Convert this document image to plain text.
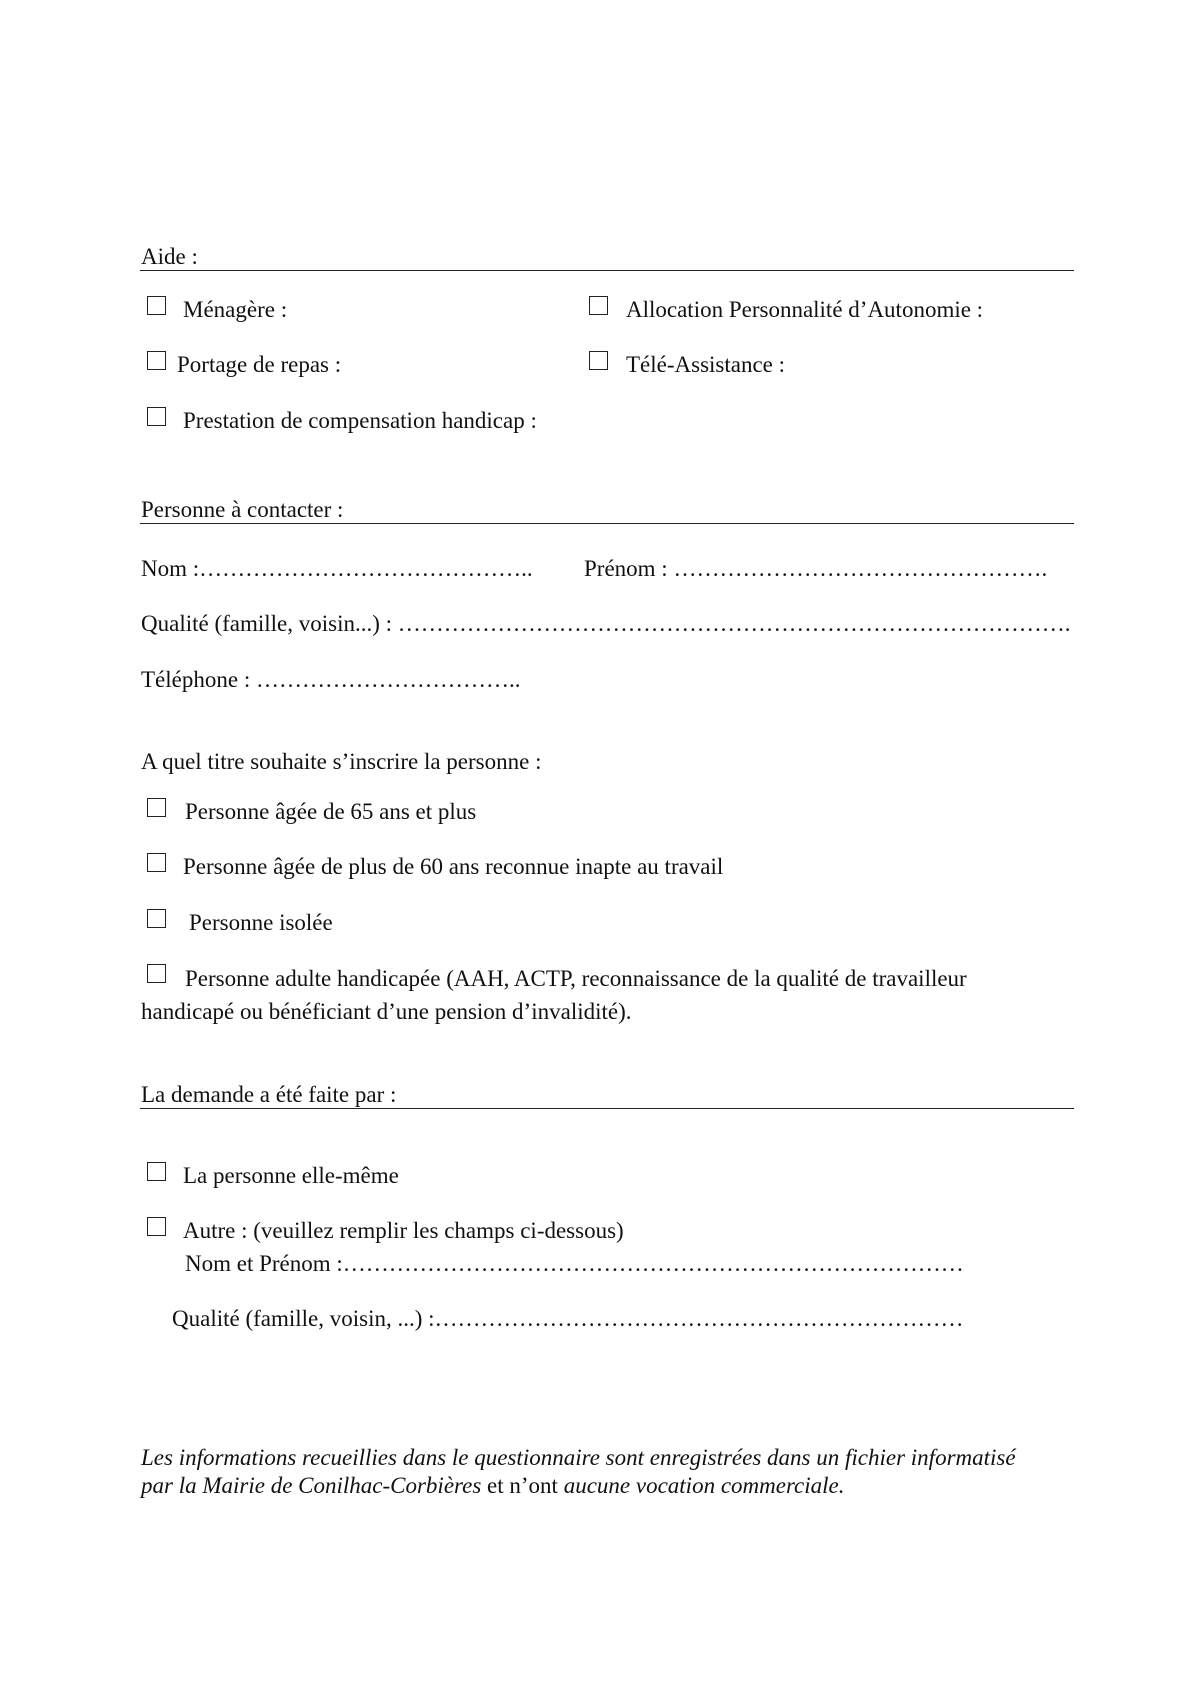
Aide :
Ménagère :	Allocation Personnalité d’Autonomie :
Portage de repas :	Télé-Assistance :
Prestation de compensation handicap :
Personne à contacter :
Nom :…………………………………….. Prénom : ………………………………………….
Qualité (famille, voisin...) : …………………………………………………………………………….
Téléphone : ……………………………..
A quel titre souhaite s’inscrire la personne :
Personne âgée de 65 ans et plus
Personne âgée de plus de 60 ans reconnue inapte au travail
Personne isolée
Personne adulte handicapée (AAH, ACTP, reconnaissance de la qualité de travailleur
handicapé ou bénéficiant d’une pension d’invalidité).
La demande a été faite par :
La personne elle-même
Autre : (veuillez remplir les champs ci-dessous)
Nom et Prénom :………………………………………………………………………
Qualité (famille, voisin, ...) :……………………………………………………………
Les informations recueillies dans le questionnaire sont enregistrées dans un fichier informatisé
par la Mairie de Conilhac-Corbières et n’ont aucune vocation commerciale.
